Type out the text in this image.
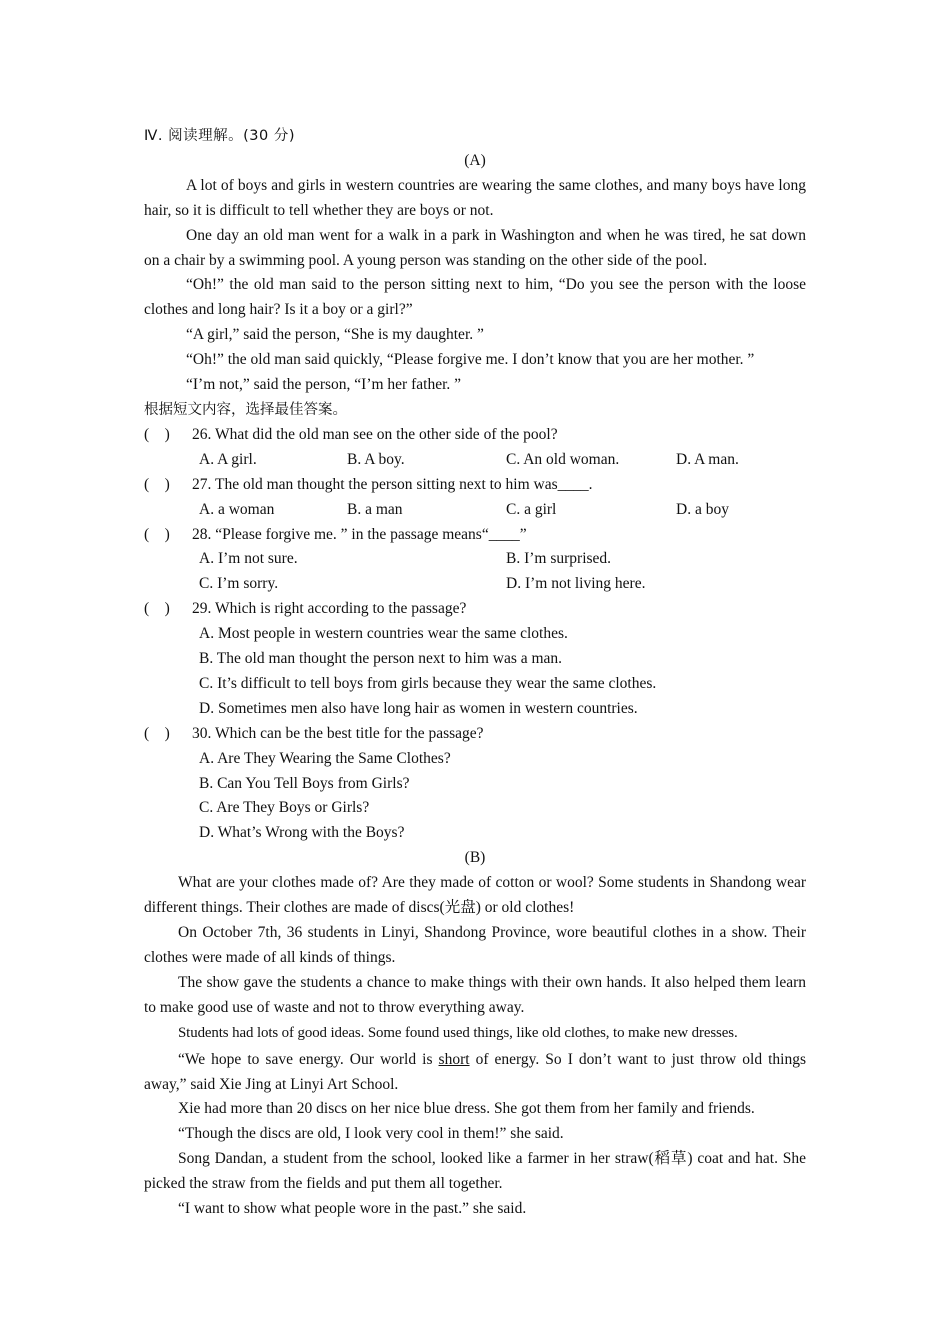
Ⅳ. 阅读理解。(30 分)
(A)
A lot of boys and girls in western countries are wearing the same clothes, and many boys have long hair, so it is difficult to tell whether they are boys or not.
One day an old man went for a walk in a park in Washington and when he was tired, he sat down on a chair by a swimming pool. A young person was standing on the other side of the pool.
“Oh!” the old man said to the person sitting next to him, “Do you see the person with the loose clothes and long hair? Is it a boy or a girl?”
“A girl,” said the person, “She is my daughter. ”
“Oh!” the old man said quickly, “Please forgive me. I don’t know that you are her mother. ”
“I’m not,” said the person, “I’m her father. ”
根据短文内容，选择最佳答案。
(　)	26. What did the old man see on the other side of the pool?
A. A girl.	B. A boy.	C. An old woman.	D. A man.
(　)	27. The old man thought the person sitting next to him was____.
A. a woman	B. a man	C. a girl	D. a boy
(　)	28. “Please forgive me. ” in the passage means“____”
A. I’m not sure.	B. I’m surprised.
C. I’m sorry.	D. I’m not living here.
(　)	29. Which is right according to the passage?
A. Most people in western countries wear the same clothes.
B. The old man thought the person next to him was a man.
C. It’s difficult to tell boys from girls because they wear the same clothes.
D. Sometimes men also have long hair as women in western countries.
(　)	30. Which can be the best title for the passage?
A. Are They Wearing the Same Clothes?
B. Can You Tell Boys from Girls?
C. Are They Boys or Girls?
D. What’s Wrong with the Boys?
(B)
What are your clothes made of? Are they made of cotton or wool? Some students in Shandong wear different things. Their clothes are made of discs(光盘) or old clothes!
On October 7th, 36 students in Linyi, Shandong Province, wore beautiful clothes in a show. Their clothes were made of all kinds of things.
The show gave the students a chance to make things with their own hands. It also helped them learn to make good use of waste and not to throw everything away.
Students had lots of good ideas. Some found used things, like old clothes, to make new dresses.
“We hope to save energy. Our world is short of energy. So I don’t want to just throw old things away,” said Xie Jing at Linyi Art School.
Xie had more than 20 discs on her nice blue dress. She got them from her family and friends.
“Though the discs are old, I look very cool in them!” she said.
Song Dandan, a student from the school, looked like a farmer in her straw(稻草) coat and hat. She picked the straw from the fields and put them all together.
“I want to show what people wore in the past.” she said.
